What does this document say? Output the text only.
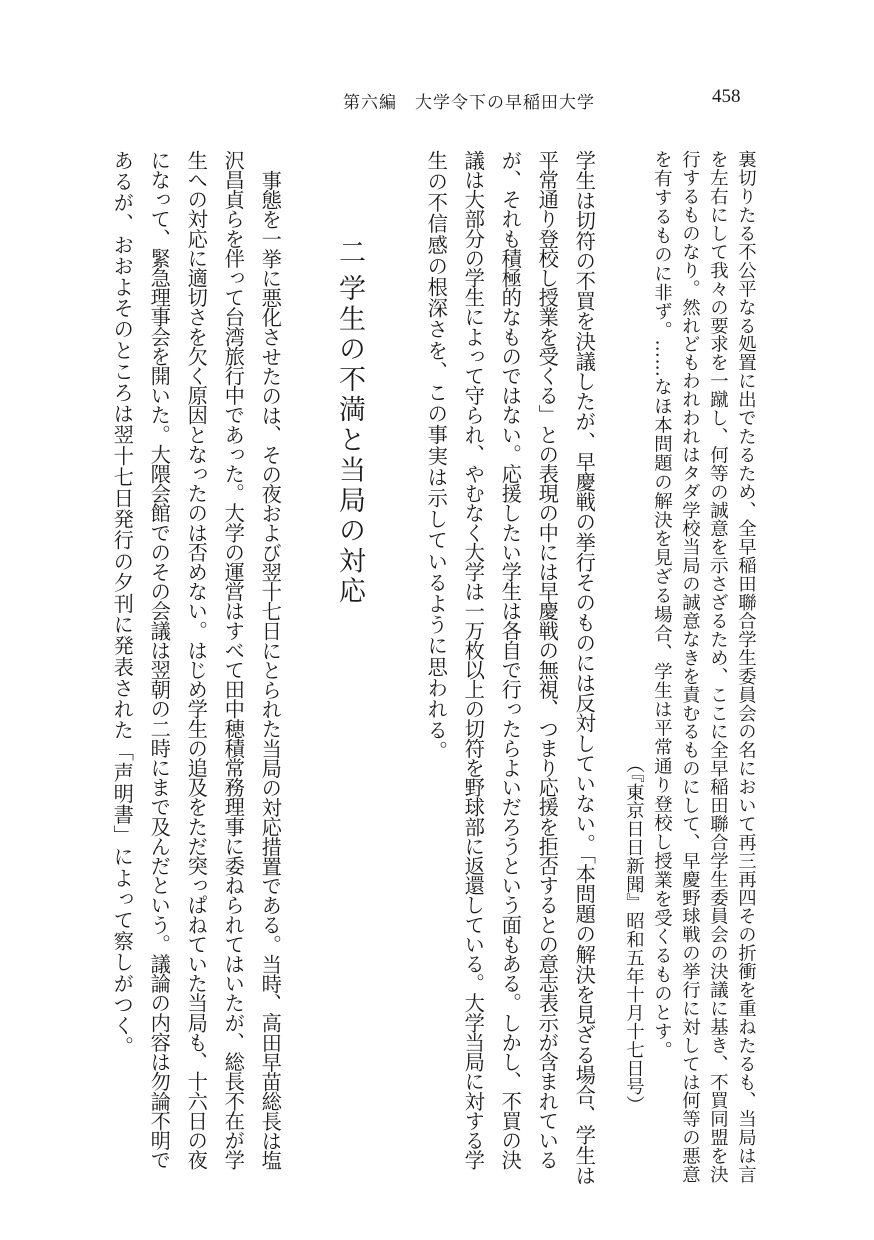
第六編　大学令下の早稲田大学	458
裏切りたる不公平なる処置に出でたるため、全早稲田聯合学生委員会の名において再三再四その折衝を重ねたるも、当局は言
を左右にして我々の要求を一蹴し、何等の誠意を示さざるため、ここに全早稲田聯合学生委員会の決議に基き、不買同盟を決
行するものなり。然れどもわれわれはタダ学校当局の誠意なきを責むるものにして、早慶野球戦の挙行に対しては何等の悪意
を有するものに非ず。……なほ本問題の解決を見ざる場合、学生は平常通り登校し授業を受くるものとす。
（『東京日日新聞』昭和五年十月十七日号）
学生は切符の不買を決議したが、早慶戦の挙行そのものには反対していない。「本問題の解決を見ざる場合、学生は
平常通り登校し授業を受くる」との表現の中には早慶戦の無視、つまり応援を拒否するとの意志表示が含まれている
が、それも積極的なものではない。応援したい学生は各自で行ったらよいだろうという面もある。しかし、不買の決
議は大部分の学生によって守られ、やむなく大学は一万枚以上の切符を野球部に返還している。大学当局に対する学
生の不信感の根深さを、この事実は示しているように思われる。
二学生の不満と当局の対応
事態を一挙に悪化させたのは、その夜および翌十七日にとられた当局の対応措置である。当時、高田早苗総長は塩
沢昌貞らを伴って台湾旅行中であった。大学の運営はすべて田中穂積常務理事に委ねられてはいたが、総長不在が学
生への対応に適切さを欠く原因となったのは否めない。はじめ学生の追及をただ突っぱねていた当局も、十六日の夜
になって、緊急理事会を開いた。大隈会館でのその会議は翌朝の二時にまで及んだという。議論の内容は勿論不明で
あるが、おおよそのところは翌十七日発行の夕刊に発表された「声明書」によって察しがつく。
